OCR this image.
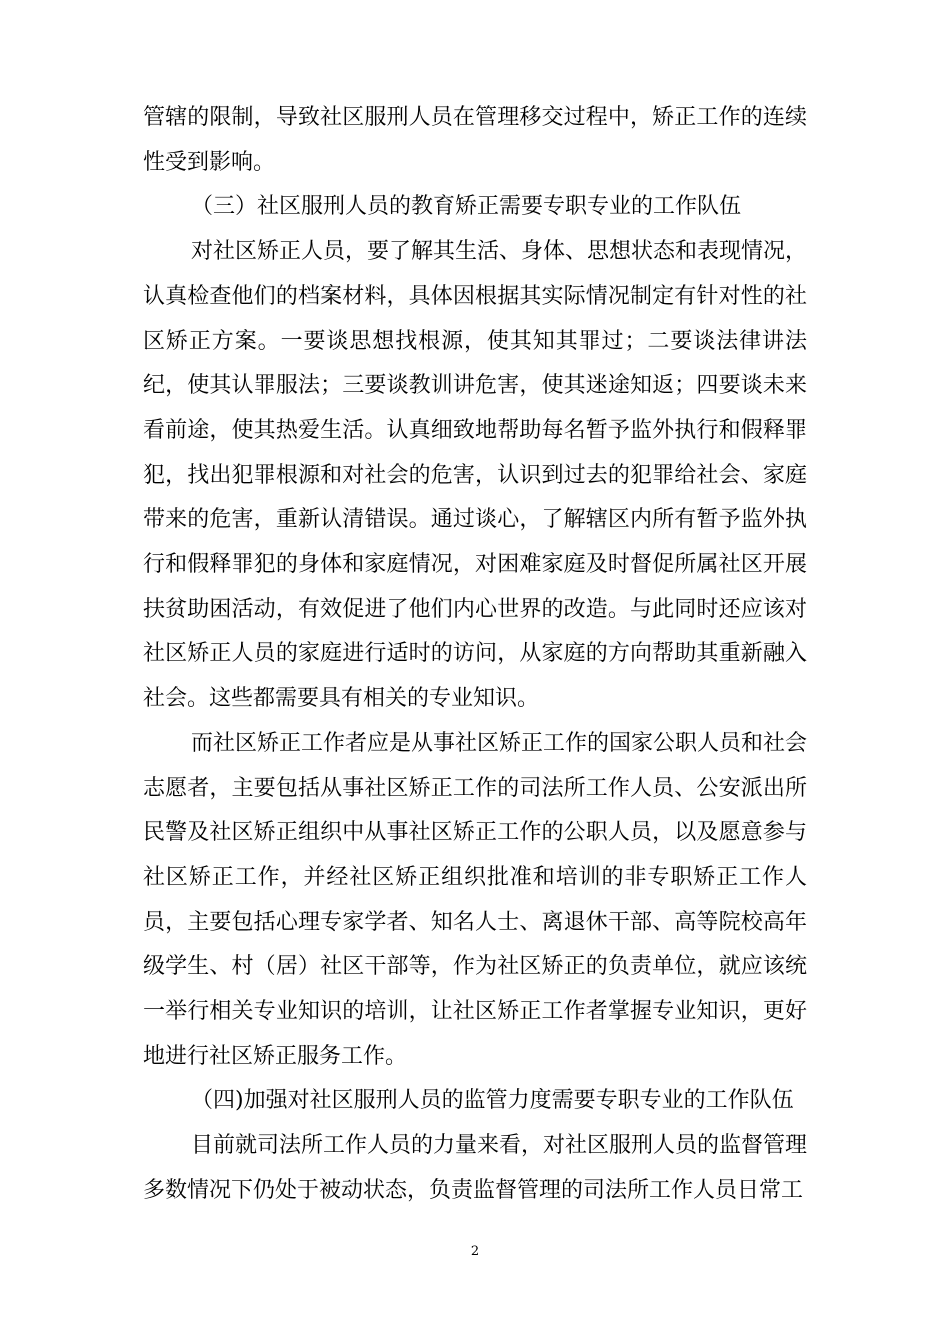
管辖的限制，导致社区服刑人员在管理移交过程中，矫正工作的连续性受到影响。

（三）社区服刑人员的教育矫正需要专职专业的工作队伍

对社区矫正人员，要了解其生活、身体、思想状态和表现情况，认真检查他们的档案材料，具体因根据其实际情况制定有针对性的社区矫正方案。一要谈思想找根源，使其知其罪过；二要谈法律讲法纪，使其认罪服法；三要谈教训讲危害，使其迷途知返；四要谈未来看前途，使其热爱生活。认真细致地帮助每名暂予监外执行和假释罪犯，找出犯罪根源和对社会的危害，认识到过去的犯罪给社会、家庭带来的危害，重新认清错误。通过谈心，了解辖区内所有暂予监外执行和假释罪犯的身体和家庭情况，对困难家庭及时督促所属社区开展扶贫助困活动，有效促进了他们内心世界的改造。与此同时还应该对社区矫正人员的家庭进行适时的访问，从家庭的方向帮助其重新融入社会。这些都需要具有相关的专业知识。

而社区矫正工作者应是从事社区矫正工作的国家公职人员和社会志愿者，主要包括从事社区矫正工作的司法所工作人员、公安派出所民警及社区矫正组织中从事社区矫正工作的公职人员，以及愿意参与社区矫正工作，并经社区矫正组织批准和培训的非专职矫正工作人员，主要包括心理专家学者、知名人士、离退休干部、高等院校高年级学生、村（居）社区干部等，作为社区矫正的负责单位，就应该统一举行相关专业知识的培训，让社区矫正工作者掌握专业知识，更好地进行社区矫正服务工作。

（四)加强对社区服刑人员的监管力度需要专职专业的工作队伍

目前就司法所工作人员的力量来看，对社区服刑人员的监督管理多数情况下仍处于被动状态，负责监督管理的司法所工作人员日常工

2
